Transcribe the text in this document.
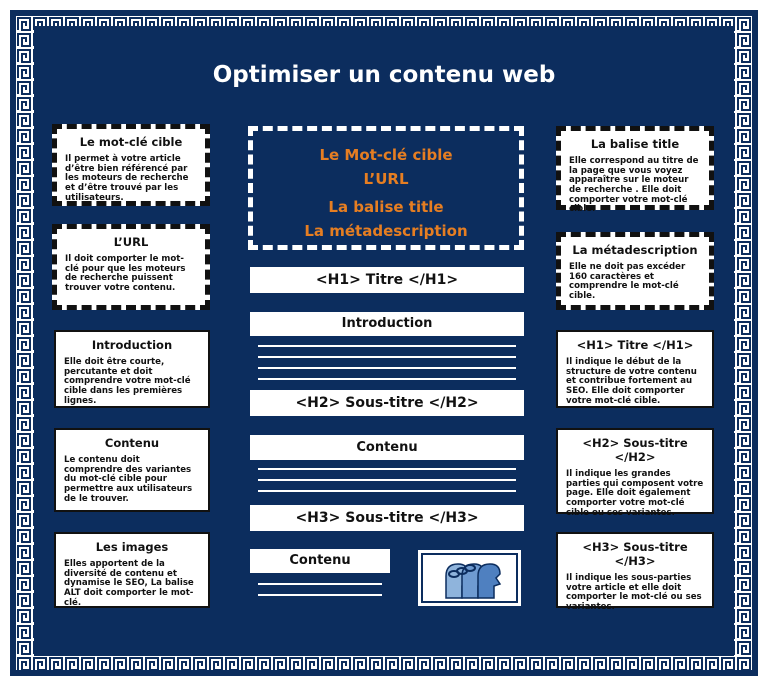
Optimiser un contenu web
Le mot-clé cible

Il permet à votre article d’être bien référencé par les moteurs de recherche et d’être trouvé par les utilisateurs.

L’URL

Il doit comporter le mot-clé pour que les moteurs de recherche puissent trouver votre contenu.

Introduction

Elle doit être courte, percutante et doit comprendre votre mot-clé cible dans les premières lignes.

Contenu

Le contenu doit comprendre des variantes du mot-clé cible pour permettre aux utilisateurs de le trouver.

Les images

Elles apportent de la diversité de contenu et dynamise le SEO, La balise ALT doit comporter le mot-clé.

La balise title

Elle correspond au titre de la page que vous voyez apparaître sur le moteur de recherche . Elle doit comporter votre mot-clé cible.

La métadescription

Elle ne doit pas excéder 160 caractères et comprendre le mot-clé cible.

<H1> Titre </H1>

Il indique le début de la structure de votre contenu et contribue fortement au SEO. Elle doit comporter votre mot-clé cible.

<H2> Sous-titre </H2>

Il indique les grandes parties qui composent votre page. Elle doit également comporter votre mot-clé cible ou ses variantes.

<H3> Sous-titre </H3>

Il indique les sous-parties votre article et elle doit comporter le mot-clé ou ses variantes.

Le Mot-clé cible
L’URL
La balise title
La métadescription
<H1> Titre </H1>
Introduction
<H2> Sous-titre </H2>
Contenu
<H3> Sous-titre </H3>
Contenu
